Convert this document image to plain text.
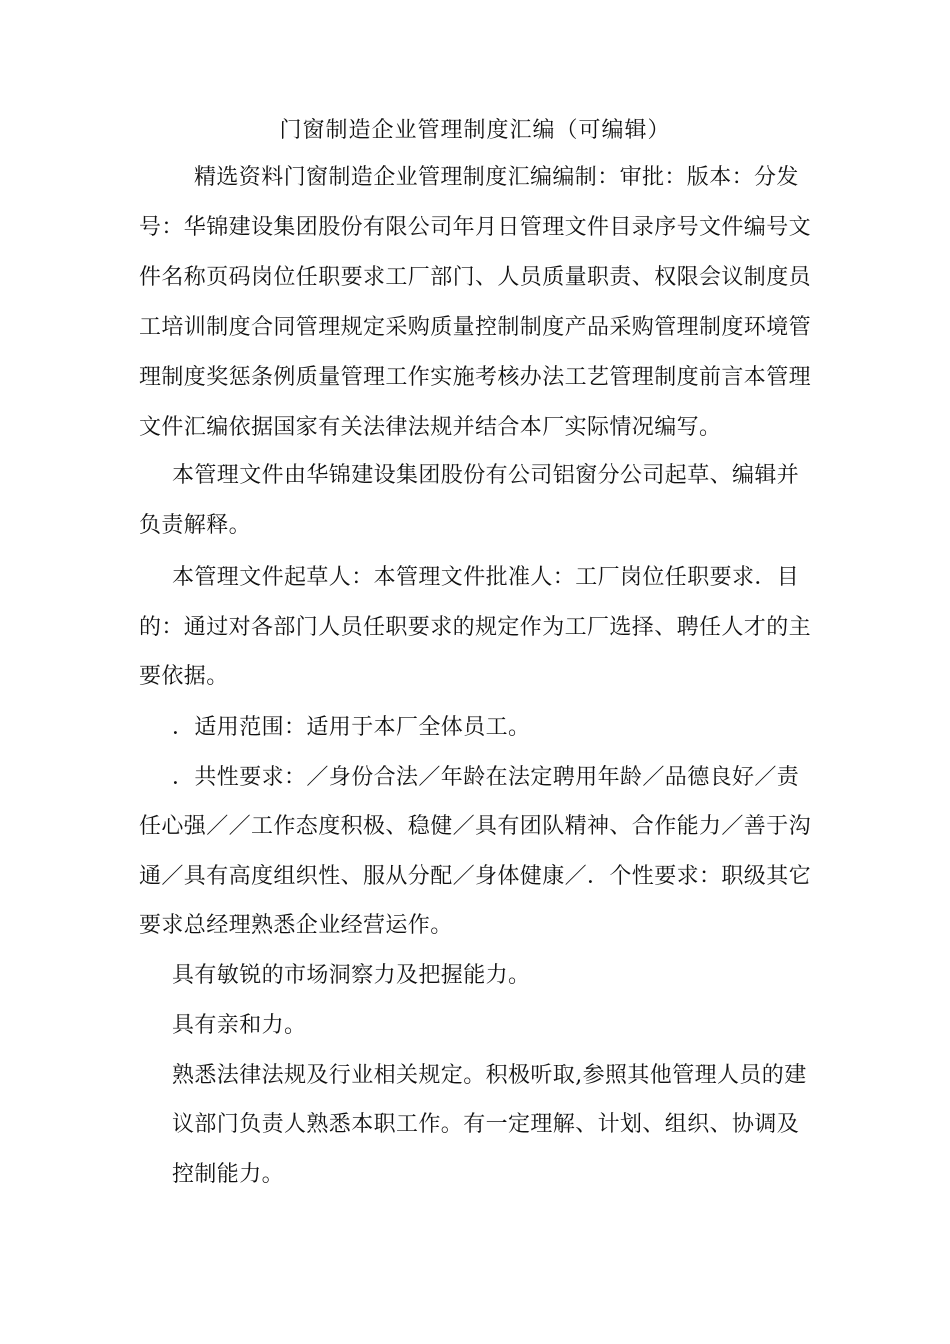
门窗制造企业管理制度汇编（可编辑）
精选资料门窗制造企业管理制度汇编编制：审批：版本：分发
号：华锦建设集团股份有限公司年月日管理文件目录序号文件编号文
件名称页码岗位任职要求工厂部门、人员质量职责、权限会议制度员
工培训制度合同管理规定采购质量控制制度产品采购管理制度环境管
理制度奖惩条例质量管理工作实施考核办法工艺管理制度前言本管理
文件汇编依据国家有关法律法规并结合本厂实际情况编写。
本管理文件由华锦建设集团股份有公司铝窗分公司起草、编辑并
负责解释。
本管理文件起草人：本管理文件批准人：工厂岗位任职要求．目
的：通过对各部门人员任职要求的规定作为工厂选择、聘任人才的主
要依据。
．适用范围：适用于本厂全体员工。
．共性要求：／身份合法／年龄在法定聘用年龄／品德良好／责
任心强／／工作态度积极、稳健／具有团队精神、合作能力／善于沟
通／具有高度组织性、服从分配／身体健康／．个性要求：职级其它
要求总经理熟悉企业经营运作。
具有敏锐的市场洞察力及把握能力。
具有亲和力。
熟悉法律法规及行业相关规定。积极听取,参照其他管理人员的建
议部门负责人熟悉本职工作。有一定理解、计划、组织、协调及
控制能力。
